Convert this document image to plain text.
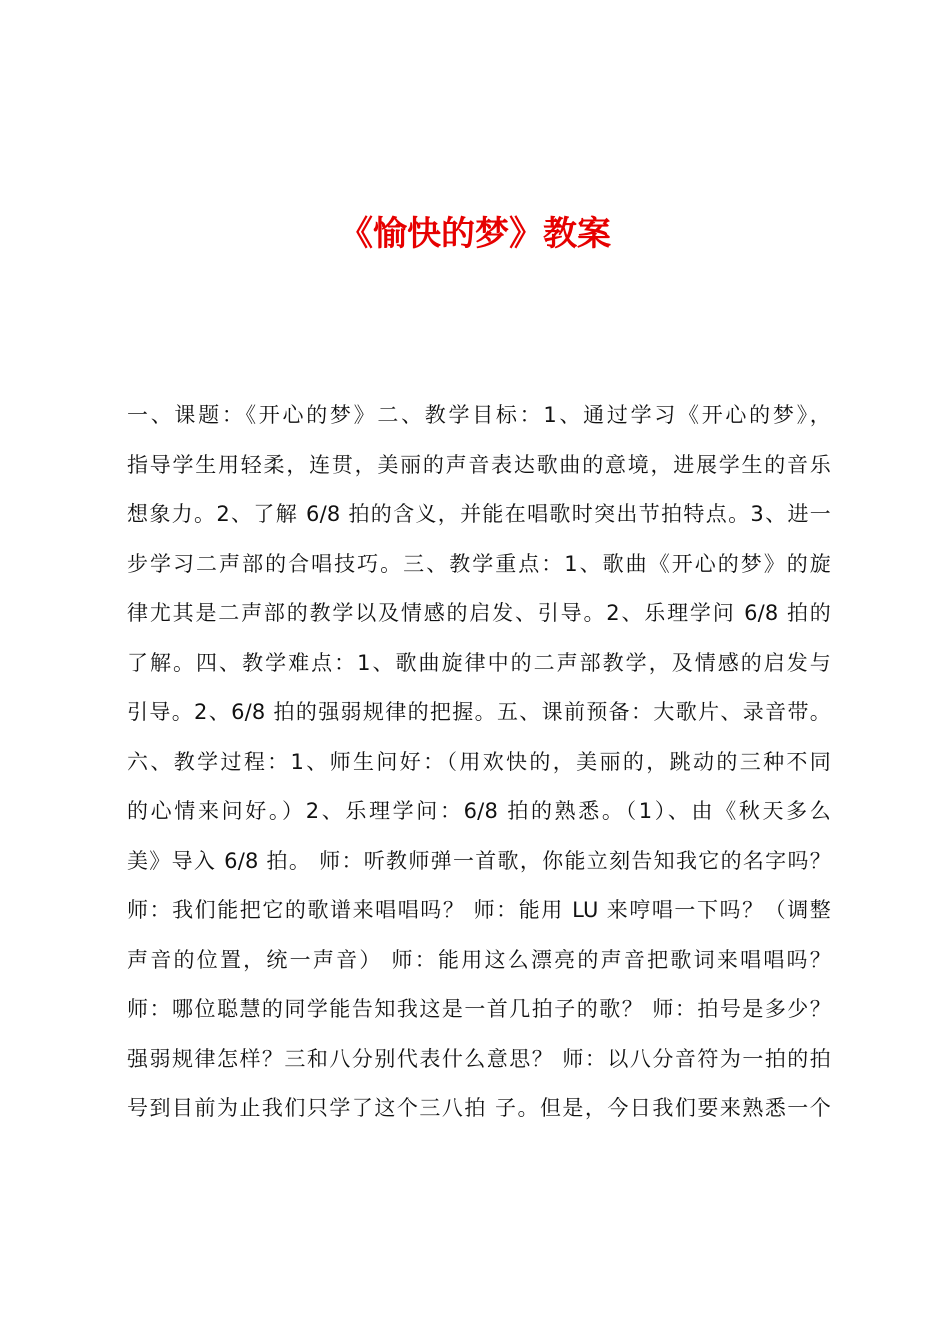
《愉快的梦》教案
一、课题：《开心的梦》二、教学目标：1、通过学习《开心的梦》，
指导学生用轻柔，连贯，美丽的声音表达歌曲的意境，进展学生的音乐
想象力。2、了解 6/8 拍的含义，并能在唱歌时突出节拍特点。3、进一
步学习二声部的合唱技巧。三、教学重点：1、歌曲《开心的梦》的旋
律尤其是二声部的教学以及情感的启发、引导。2、乐理学问 6/8 拍的
了解。四、教学难点：1、歌曲旋律中的二声部教学，及情感的启发与
引导。2、6/8 拍的强弱规律的把握。五、课前预备：大歌片、录音带。
六、教学过程：1、师生问好：（用欢快的，美丽的，跳动的三种不同
的心情来问好。）2、乐理学问：6/8 拍的熟悉。（1）、由《秋天多么
美》导入 6/8 拍。 师：听教师弹一首歌，你能立刻告知我它的名字吗？
师：我们能把它的歌谱来唱唱吗？ 师：能用 LU 来哼唱一下吗？（调整
声音的位置，统一声音） 师：能用这么漂亮的声音把歌词来唱唱吗？
师：哪位聪慧的同学能告知我这是一首几拍子的歌？ 师：拍号是多少？
强弱规律怎样？三和八分别代表什么意思？ 师：以八分音符为一拍的拍
号到目前为止我们只学了这个三八拍 子。但是，今日我们要来熟悉一个
